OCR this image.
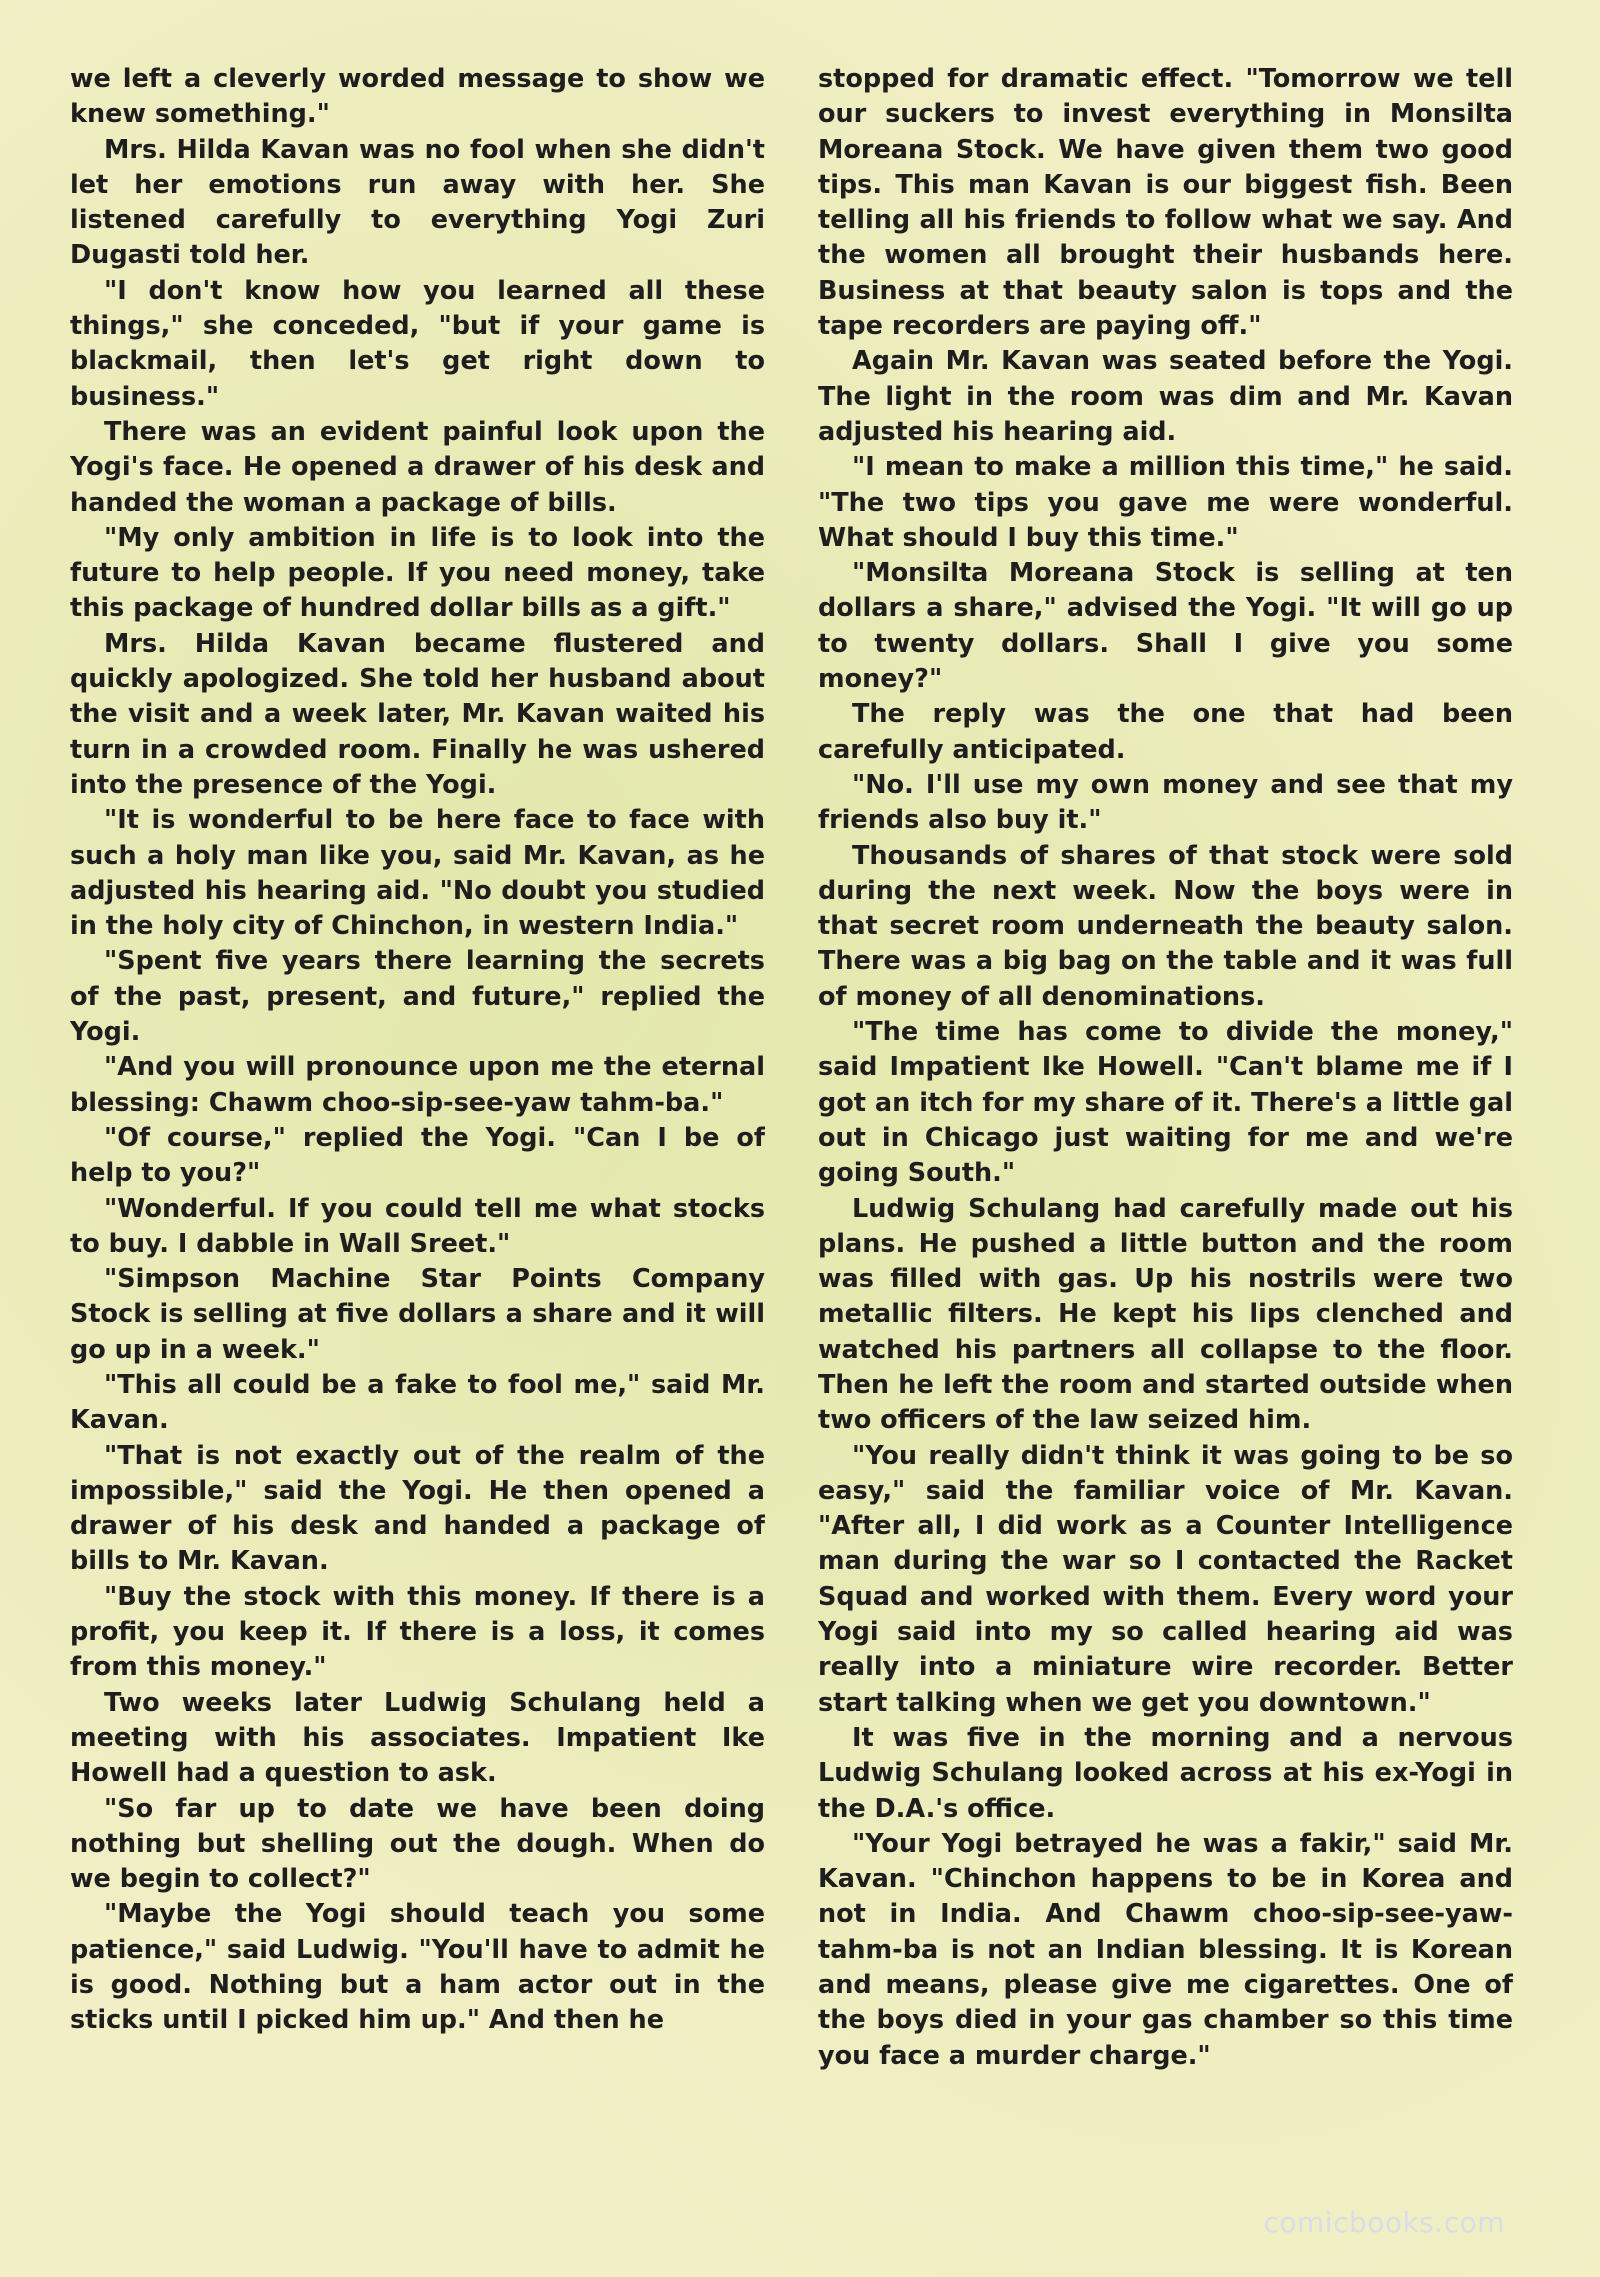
we left a cleverly worded message to show we knew something."

Mrs. Hilda Kavan was no fool when she didn't let her emotions run away with her. She listened carefully to everything Yogi Zuri Dugasti told her.

"I don't know how you learned all these things," she conceded, "but if your game is blackmail, then let's get right down to business."

There was an evident painful look upon the Yogi's face. He opened a drawer of his desk and handed the woman a package of bills.

"My only ambition in life is to look into the future to help people. If you need money, take this package of hundred dollar bills as a gift."

Mrs. Hilda Kavan became flustered and quickly apologized. She told her husband about the visit and a week later, Mr. Kavan waited his turn in a crowded room. Finally he was ushered into the presence of the Yogi.

"It is wonderful to be here face to face with such a holy man like you, said Mr. Kavan, as he adjusted his hearing aid. "No doubt you studied in the holy city of Chinchon, in western India."

"Spent five years there learning the secrets of the past, present, and future," replied the Yogi.

"And you will pronounce upon me the eternal blessing: Chawm choo-sip-see-yaw tahm-ba."

"Of course," replied the Yogi. "Can I be of help to you?"

"Wonderful. If you could tell me what stocks to buy. I dabble in Wall Sreet."

"Simpson Machine Star Points Company Stock is selling at five dollars a share and it will go up in a week."

"This all could be a fake to fool me," said Mr. Kavan.

"That is not exactly out of the realm of the impossible," said the Yogi. He then opened a drawer of his desk and handed a package of bills to Mr. Kavan.

"Buy the stock with this money. If there is a profit, you keep it. If there is a loss, it comes from this money."

Two weeks later Ludwig Schulang held a meeting with his associates. Impatient Ike Howell had a question to ask.

"So far up to date we have been doing nothing but shelling out the dough. When do we begin to collect?"

"Maybe the Yogi should teach you some patience," said Ludwig. "You'll have to admit he is good. Nothing but a ham actor out in the sticks until I picked him up." And then he

stopped for dramatic effect. "Tomorrow we tell our suckers to invest everything in Monsilta Moreana Stock. We have given them two good tips. This man Kavan is our biggest fish. Been telling all his friends to follow what we say. And the women all brought their husbands here. Business at that beauty salon is tops and the tape recorders are paying off."

Again Mr. Kavan was seated before the Yogi. The light in the room was dim and Mr. Kavan adjusted his hearing aid.

"I mean to make a million this time," he said. "The two tips you gave me were wonderful. What should I buy this time."

"Monsilta Moreana Stock is selling at ten dollars a share," advised the Yogi. "It will go up to twenty dollars. Shall I give you some money?"

The reply was the one that had been carefully anticipated.

"No. I'll use my own money and see that my friends also buy it."

Thousands of shares of that stock were sold during the next week. Now the boys were in that secret room underneath the beauty salon. There was a big bag on the table and it was full of money of all denominations.

"The time has come to divide the money," said Impatient Ike Howell. "Can't blame me if I got an itch for my share of it. There's a little gal out in Chicago just waiting for me and we're going South."

Ludwig Schulang had carefully made out his plans. He pushed a little button and the room was filled with gas. Up his nostrils were two metallic filters. He kept his lips clenched and watched his partners all collapse to the floor. Then he left the room and started outside when two officers of the law seized him.

"You really didn't think it was going to be so easy," said the familiar voice of Mr. Kavan. "After all, I did work as a Counter Intelligence man during the war so I contacted the Racket Squad and worked with them. Every word your Yogi said into my so called hearing aid was really into a miniature wire recorder. Better start talking when we get you downtown."

It was five in the morning and a nervous Ludwig Schulang looked across at his ex-Yogi in the D.A.'s office.

"Your Yogi betrayed he was a fakir," said Mr. Kavan. "Chinchon happens to be in Korea and not in India. And Chawm choo-sip-see-yaw-tahm-ba is not an Indian blessing. It is Korean and means, please give me cigarettes. One of the boys died in your gas chamber so this time you face a murder charge."

comicbooks.com
